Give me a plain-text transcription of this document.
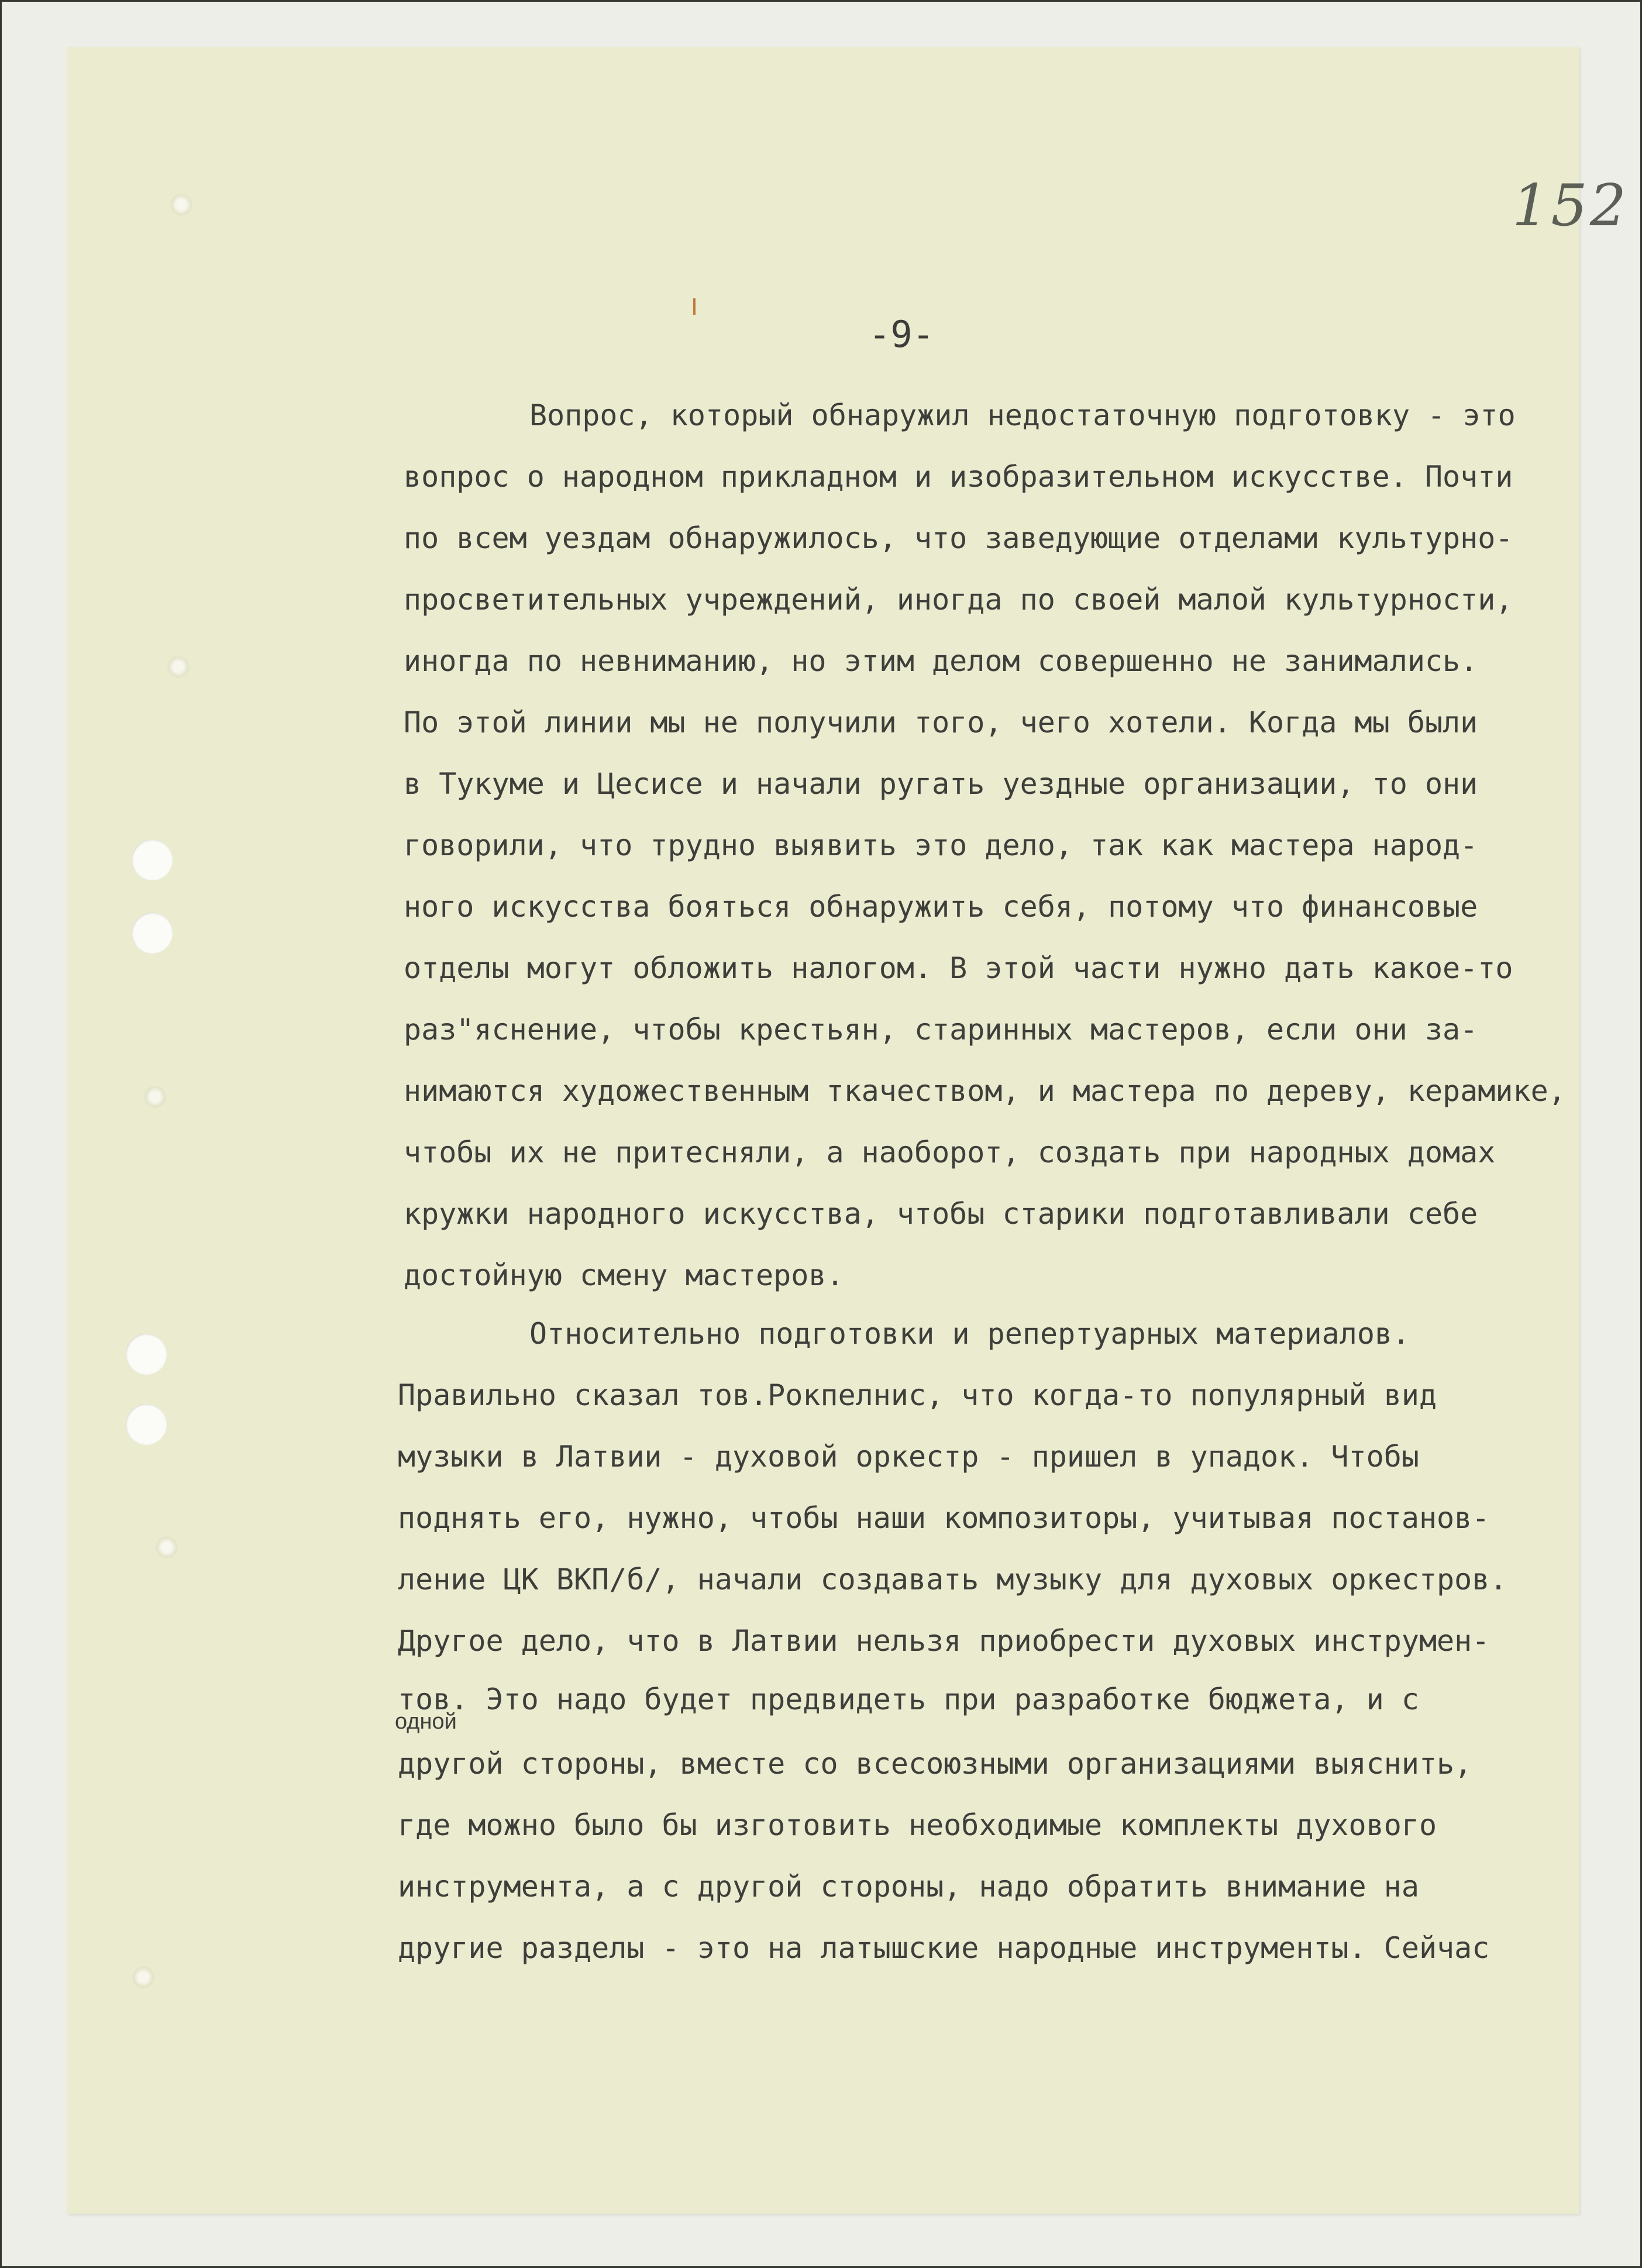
152
-9-
Вопрос, который обнаружил недостаточную подготовку - это
вопрос о народном прикладном и изобразительном искусстве. Почти
по всем уездам обнаружилось, что заведующие отделами культурно-
просветительных учреждений, иногда по своей малой культурности,
иногда по невниманию, но этим делом совершенно не занимались.
По этой линии мы не получили того, чего хотели. Когда мы были
в Тукуме и Цесисе и начали ругать уездные организации, то они
говорили, что трудно выявить это дело, так как мастера народ-
ного искусства бояться обнаружить себя, потому что финансовые
отделы могут обложить налогом. В этой части нужно дать какое-то
раз"яснение, чтобы крестьян, старинных мастеров, если они за-
нимаются художественным ткачеством, и мастера по дереву, керамике,
чтобы их не притесняли, а наоборот, создать при народных домах
кружки народного искусства, чтобы старики подготавливали себе
достойную смену мастеров.
Относительно подготовки и репертуарных материалов.
Правильно сказал тов.Рокпелнис, что когда-то популярный вид
музыки в Латвии - духовой оркестр - пришел в упадок. Чтобы
поднять его, нужно, чтобы наши композиторы, учитывая постанов-
ление ЦК ВКП/б/, начали создавать музыку для духовых оркестров.
Другое дело, что в Латвии нельзя приобрести духовых инструмен-
тов. Это надо будет предвидеть при разработке бюджета, и с
одной
другой стороны, вместе со всесоюзными организациями выяснить,
где можно было бы изготовить необходимые комплекты духового
инструмента, а с другой стороны, надо обратить внимание на
другие разделы - это на латышские народные инструменты. Сейчас
